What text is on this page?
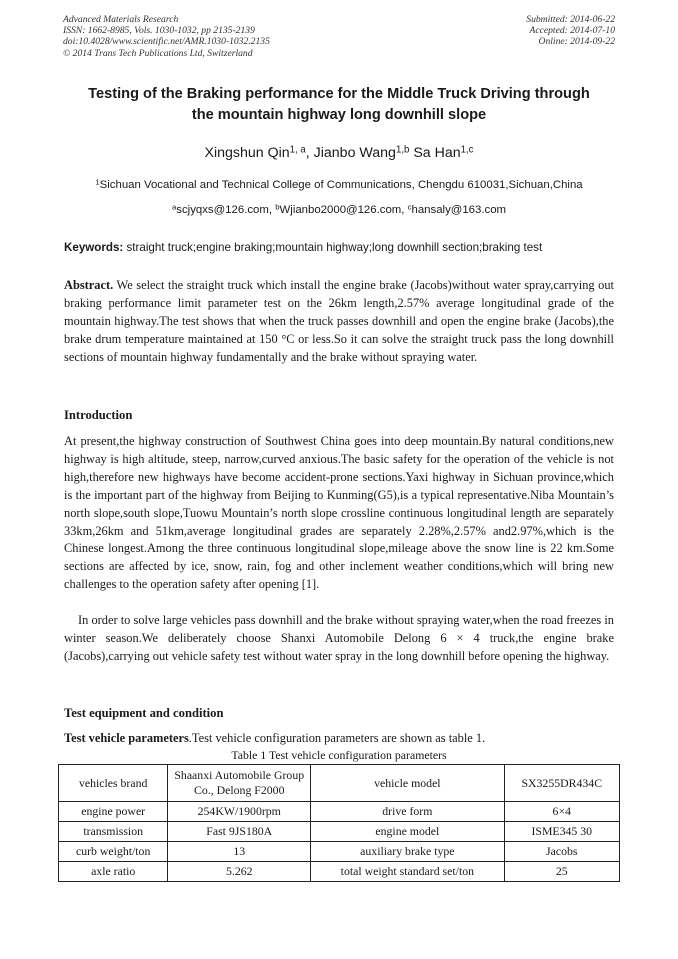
Advanced Materials Research
ISSN: 1662-8985, Vols. 1030-1032, pp 2135-2139
doi:10.4028/www.scientific.net/AMR.1030-1032.2135
© 2014 Trans Tech Publications Ltd, Switzerland
Submitted: 2014-06-22
Accepted: 2014-07-10
Online: 2014-09-22
Testing of the Braking performance for the Middle Truck Driving through
the mountain highway long downhill slope
Xingshun Qin$^{1, a}$, Jianbo Wang$^{1,b}$ Sa Han$^{1,c}$
$^1$Sichuan Vocational and Technical College of Communications, Chengdu 610031,Sichuan,China
$^a$scjyqxs@126.com, $^b$Wjianbo2000@126.com, $^c$hansaly@163.com
Keywords: straight truck;engine braking;mountain highway;long downhill section;braking test

Abstract. We select the straight truck which install the engine brake (Jacobs)without water spray,carrying out braking performance limit parameter test on the 26km length,2.57% average longitudinal grade of the mountain highway.The test shows that when the truck passes downhill and open the engine brake (Jacobs),the brake drum temperature maintained at 150 °C or less.So it can solve the straight truck pass the long downhill sections of mountain highway fundamentally and the brake without spraying water.

Introduction

At present,the highway construction of Southwest China goes into deep mountain.By natural conditions,new highway is high altitude, steep, narrow,curved anxious.The basic safety for the operation of the vehicle is not high,therefore new highways have become accident-prone sections.Yaxi highway in Sichuan province,which is the important part of the highway from Beijing to Kunming(G5),is a typical representative.Niba Mountain’s north slope,south slope,Tuowu Mountain’s north slope crossline continuous longitudinal length are separately 33km,26km and 51km,average longitudinal grades are separately 2.28%,2.57% and2.97%,which is the Chinese longest.Among the three continuous longitudinal slope,mileage above the snow line is 22 km.Some sections are affected by ice, snow, rain, fog and other inclement weather conditions,which will bring new challenges to the operation safety after opening [1].

In order to solve large vehicles pass downhill and the brake without spraying water,when the road freezes in winter season.We deliberately choose Shanxi Automobile Delong 6 × 4 truck,the engine brake (Jacobs),carrying out vehicle safety test without water spray in the long downhill before opening the highway.

Test equipment and condition
Test vehicle parameters.Test vehicle configuration parameters are shown as table 1.
Table 1 Test vehicle configuration parameters
vehicles brand	Shaanxi Automobile Group Co., Delong F2000	vehicle model	SX3255DR434C
engine power	254KW/1900rpm	drive form	6×4
transmission	Fast 9JS180A	engine model	ISME345 30
curb weight/ton	13	auxiliary brake type	Jacobs
axle ratio	5.262	total weight standard set/ton	25
